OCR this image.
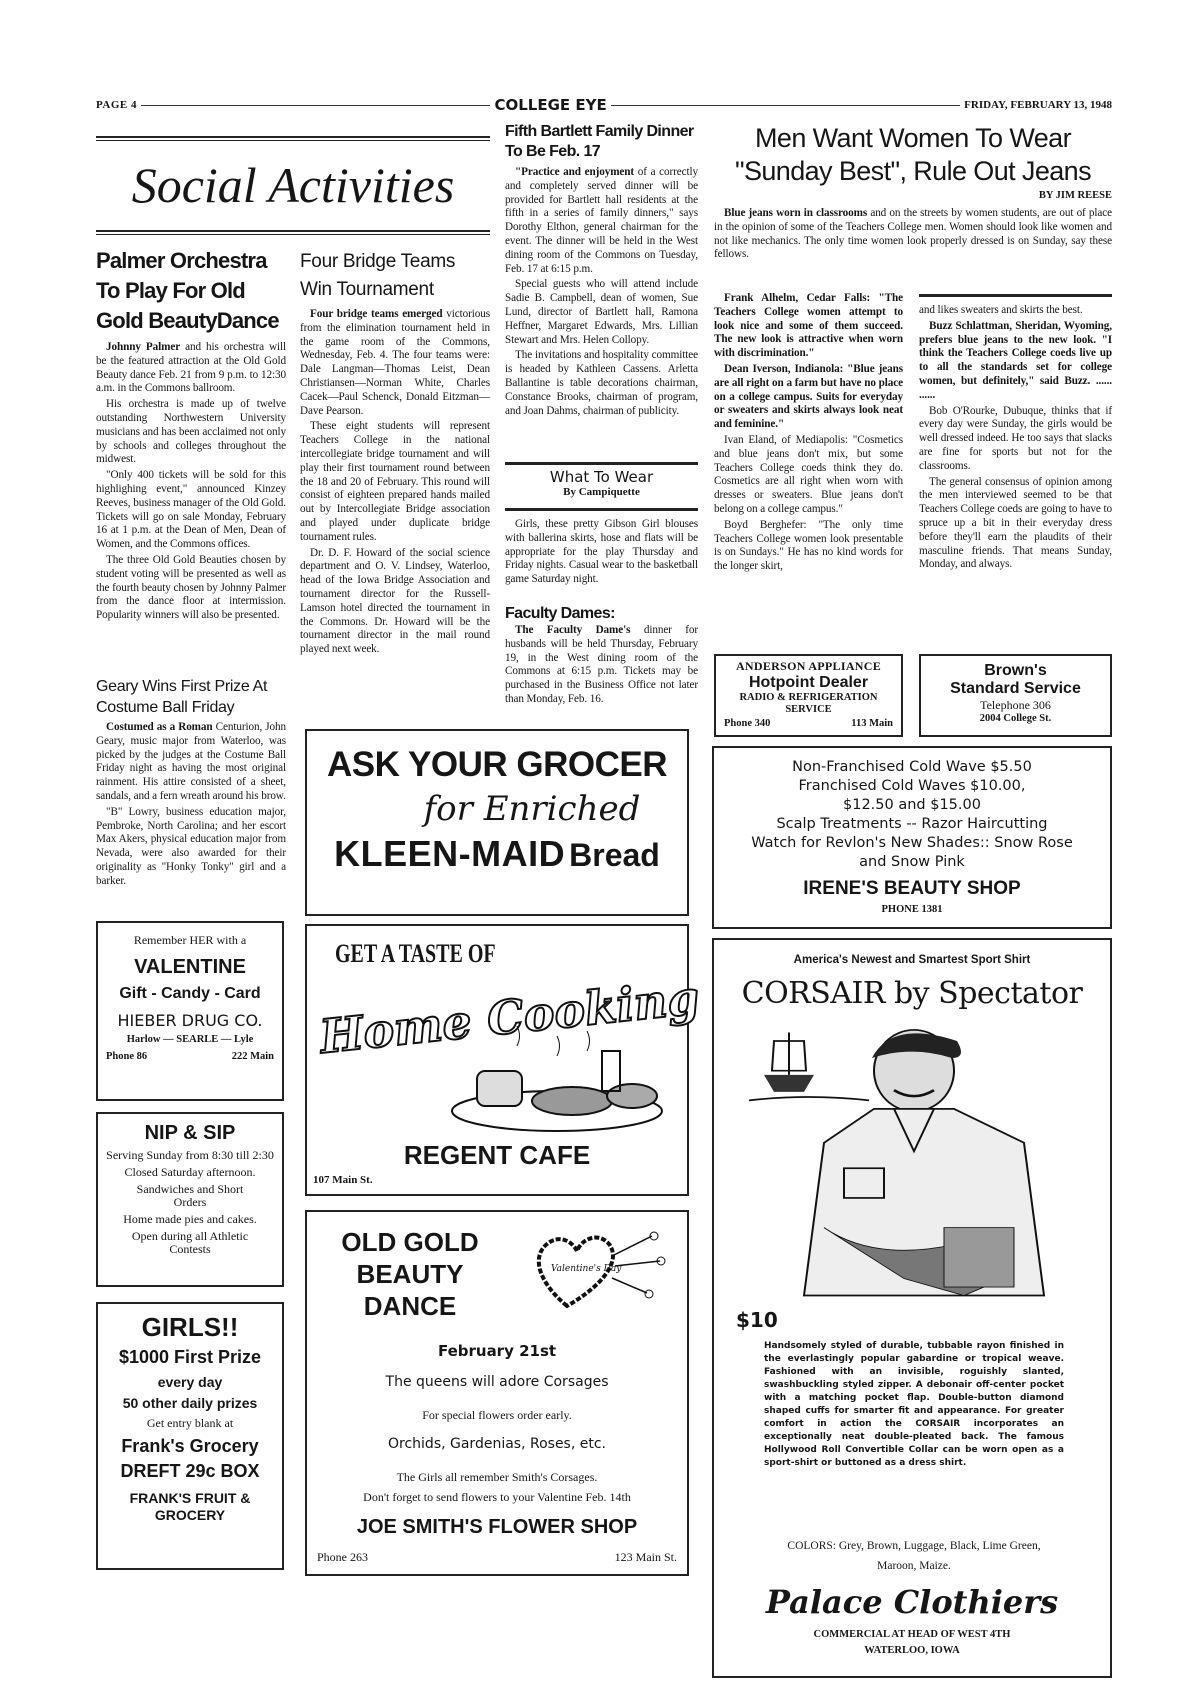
PAGE 4	COLLEGE EYE	FRIDAY, FEBRUARY 13, 1948
Social Activities
Palmer Orchestra To Play For Old Gold BeautyDance

Johnny Palmer and his orchestra will be the featured attraction at the Old Gold Beauty dance Feb. 21 from 9 p.m. to 12:30 a.m. in the Commons ballroom.

His orchestra is made up of twelve outstanding Northwestern University musicians and has been acclaimed not only by schools and colleges throughout the midwest.

"Only 400 tickets will be sold for this highlighing event," announced Kinzey Reeves, business manager of the Old Gold. Tickets will go on sale Monday, February 16 at 1 p.m. at the Dean of Men, Dean of Women, and the Commons offices.

The three Old Gold Beauties chosen by student voting will be presented as well as the fourth beauty chosen by Johnny Palmer from the dance floor at intermission. Popularity winners will also be presented.

Geary Wins First Prize At Costume Ball Friday

Costumed as a Roman Centurion, John Geary, music major from Waterloo, was picked by the judges at the Costume Ball Friday night as having the most original rainment. His attire consisted of a sheet, sandals, and a fern wreath around his brow.

"B" Lowry, business education major, Pembroke, North Carolina; and her escort Max Akers, physical education major from Nevada, were also awarded for their originality as "Honky Tonky" girl and a barker.

Remember HER with a
VALENTINE
Gift - Candy - Card
HIEBER DRUG CO.
Harlow — SEARLE — Lyle
Phone 86	222 Main
NIP & SIP
Serving Sunday from 8:30 till 2:30
Closed Saturday afternoon.
Sandwiches and Short Orders
Home made pies and cakes.
Open during all Athletic Contests
GIRLS!!
$1000 First Prize
every day
50 other daily prizes
Get entry blank at
Frank's Grocery
DREFT 29c BOX
FRANK'S FRUIT & GROCERY
Four Bridge Teams Win Tournament

Four bridge teams emerged victorious from the elimination tournament held in the game room of the Commons, Wednesday, Feb. 4. The four teams were: Dale Langman—Thomas Leist, Dean Christiansen—Norman White, Charles Cacek—Paul Schenck, Donald Eitzman—Dave Pearson.

These eight students will represent Teachers College in the national intercollegiate bridge tournament and will play their first tournament round between the 18 and 20 of February. This round will consist of eighteen prepared hands mailed out by Intercollegiate Bridge association and played under duplicate bridge tournament rules.

Dr. D. F. Howard of the social science department and O. V. Lindsey, Waterloo, head of the Iowa Bridge Association and tournament director for the Russell-Lamson hotel directed the tournament in the Commons. Dr. Howard will be the tournament director in the mail round played next week.

Fifth Bartlett Family Dinner To Be Feb. 17

"Practice and enjoyment of a correctly and completely served dinner will be provided for Bartlett hall residents at the fifth in a series of family dinners," says Dorothy Elthon, general chairman for the event. The dinner will be held in the West dining room of the Commons on Tuesday, Feb. 17 at 6:15 p.m.

Special guests who will attend include Sadie B. Campbell, dean of women, Sue Lund, director of Bartlett hall, Ramona Heffner, Margaret Edwards, Mrs. Lillian Stewart and Mrs. Helen Collopy.

The invitations and hospitality committee is headed by Kathleen Cassens. Arletta Ballantine is table decorations chairman, Constance Brooks, chairman of program, and Joan Dahms, chairman of publicity.

What To Wear
By Campiquette

Girls, these pretty Gibson Girl blouses with ballerina skirts, hose and flats will be appropriate for the play Thursday and Friday nights. Casual wear to the basketball game Saturday night.

Faculty Dames:

The Faculty Dame's dinner for husbands will be held Thursday, February 19, in the West dining room of the Commons at 6:15 p.m. Tickets may be purchased in the Business Office not later than Monday, Feb. 16.

ASK YOUR GROCER
for Enriched
KLEEN-MAID Bread
GET A TASTE OF
Home Cooking
REGENT CAFE
107 Main St.
OLD GOLD BEAUTY DANCE
Valentine's Day
February 21st
The queens will adore Corsages
For special flowers order early.
Orchids, Gardenias, Roses, etc.
The Girls all remember Smith's Corsages.
Don't forget to send flowers to your Valentine Feb. 14th
JOE SMITH'S FLOWER SHOP
Phone 263	123 Main St.
Men Want Women To Wear
"Sunday Best", Rule Out Jeans
BY JIM REESE

Blue jeans worn in classrooms and on the streets by women students, are out of place in the opinion of some of the Teachers College men. Women should look like women and not like mechanics. The only time women look properly dressed is on Sunday, say these fellows.

Frank Alhelm, Cedar Falls: "The Teachers College women attempt to look nice and some of them succeed. The new look is attractive when worn with discrimination."

Dean Iverson, Indianola: "Blue jeans are all right on a farm but have no place on a college campus. Suits for everyday or sweaters and skirts always look neat and feminine."

Ivan Eland, of Mediapolis: "Cosmetics and blue jeans don't mix, but some Teachers College coeds think they do. Cosmetics are all right when worn with dresses or sweaters. Blue jeans don't belong on a college campus."

Boyd Berghefer: "The only time Teachers College women look presentable is on Sundays." He has no kind words for the longer skirt,

and likes sweaters and skirts the best.

Buzz Schlattman, Sheridan, Wyoming, prefers blue jeans to the new look. "I think the Teachers College coeds live up to all the standards set for college women, but definitely," said Buzz. ...... ......

Bob O'Rourke, Dubuque, thinks that if every day were Sunday, the girls would be well dressed indeed. He too says that slacks are fine for sports but not for the classrooms.

The general consensus of opinion among the men interviewed seemed to be that Teachers College coeds are going to have to spruce up a bit in their everyday dress before they'll earn the plaudits of their masculine friends. That means Sunday, Monday, and always.

ANDERSON APPLIANCE
Hotpoint Dealer
RADIO & REFRIGERATION SERVICE
Phone 340	113 Main
Brown's
Standard Service
Telephone 306
2004 College St.
Non-Franchised Cold Wave $5.50
Franchised Cold Waves $10.00,
$12.50 and $15.00
Scalp Treatments -- Razor Haircutting
Watch for Revlon's New Shades:: Snow Rose
and Snow Pink
IRENE'S BEAUTY SHOP
PHONE 1381
America's Newest and Smartest Sport Shirt
CORSAIR by Spectator
$10
Handsomely styled of durable, tubbable rayon finished in the everlastingly popular gabardine or tropical weave. Fashioned with an invisible, roguishly slanted, swashbuckling styled zipper. A debonair off-center pocket with a matching pocket flap. Double-button diamond shaped cuffs for smarter fit and appearance. For greater comfort in action the CORSAIR incorporates an exceptionally neat double-pleated back. The famous Hollywood Roll Convertible Collar can be worn open as a sport-shirt or buttoned as a dress shirt.
COLORS: Grey, Brown, Luggage, Black, Lime Green, Maroon, Maize.
Palace Clothiers
COMMERCIAL AT HEAD OF WEST 4TH
WATERLOO, IOWA
